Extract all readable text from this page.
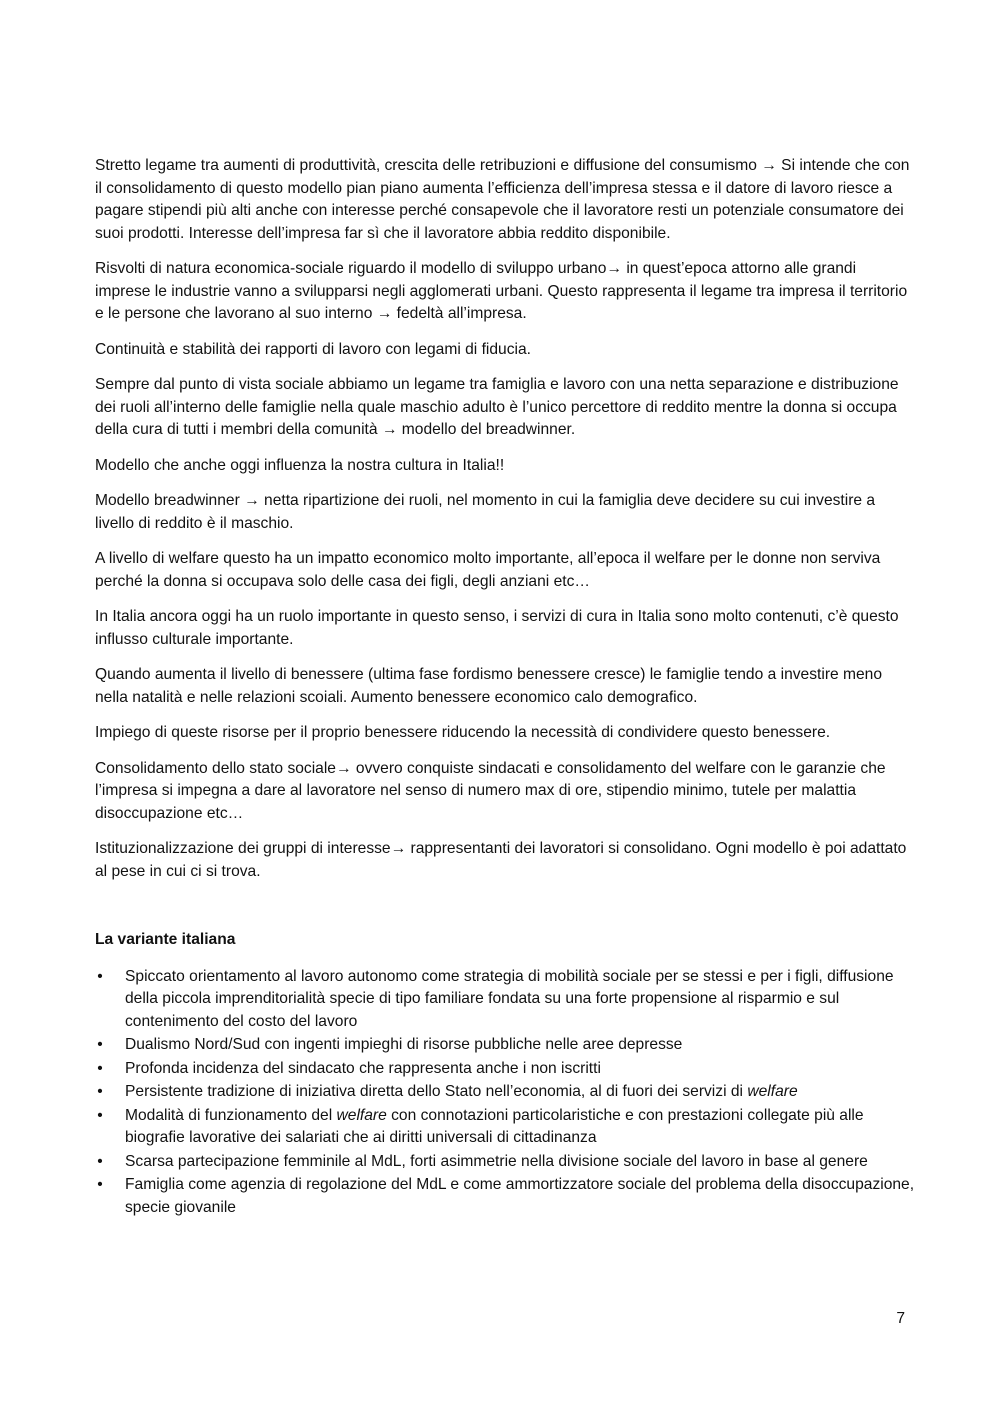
Stretto legame tra aumenti di produttività, crescita delle retribuzioni e diffusione del consumismo → Si intende che con il consolidamento di questo modello pian piano aumenta l’efficienza dell’impresa stessa e il datore di lavoro riesce a pagare stipendi più alti anche con interesse perché consapevole che il lavoratore resti un potenziale consumatore dei suoi prodotti. Interesse dell’impresa far sì che il lavoratore abbia reddito disponibile.

Risvolti di natura economica-sociale riguardo il modello di sviluppo urbano→ in quest’epoca attorno alle grandi imprese le industrie vanno a svilupparsi negli agglomerati urbani. Questo rappresenta il legame tra impresa il territorio e le persone che lavorano al suo interno → fedeltà all’impresa.

Continuità e stabilità dei rapporti di lavoro con legami di fiducia.

Sempre dal punto di vista sociale abbiamo un legame tra famiglia e lavoro con una netta separazione e distribuzione dei ruoli all’interno delle famiglie nella quale maschio adulto è l’unico percettore di reddito mentre la donna si occupa della cura di tutti i membri della comunità → modello del breadwinner.

Modello che anche oggi influenza la nostra cultura in Italia!!

Modello breadwinner → netta ripartizione dei ruoli, nel momento in cui la famiglia deve decidere su cui investire a livello di reddito è il maschio.

A livello di welfare questo ha un impatto economico molto importante, all’epoca il welfare per le donne non serviva perché la donna si occupava solo delle casa dei figli, degli anziani etc…

In Italia ancora oggi ha un ruolo importante in questo senso, i servizi di cura in Italia sono molto contenuti, c’è questo influsso culturale importante.

Quando aumenta il livello di benessere (ultima fase fordismo benessere cresce) le famiglie tendo a investire meno nella natalità e nelle relazioni scoiali. Aumento benessere economico calo demografico.

Impiego di queste risorse per il proprio benessere riducendo la necessità di condividere questo benessere.

Consolidamento dello stato sociale→ ovvero conquiste sindacati e consolidamento del welfare con le garanzie che l’impresa si impegna a dare al lavoratore nel senso di numero max di ore, stipendio minimo, tutele per malattia disoccupazione etc…

Istituzionalizzazione dei gruppi di interesse→ rappresentanti dei lavoratori si consolidano. Ogni modello è poi adattato al pese in cui ci si trova.

La variante italiana
• Spiccato orientamento al lavoro autonomo come strategia di mobilità sociale per se stessi e per i figli, diffusione della piccola imprenditorialità specie di tipo familiare fondata su una forte propensione al risparmio e sul contenimento del costo del lavoro
• Dualismo Nord/Sud con ingenti impieghi di risorse pubbliche nelle aree depresse
• Profonda incidenza del sindacato che rappresenta anche i non iscritti
• Persistente tradizione di iniziativa diretta dello Stato nell’economia, al di fuori dei servizi di welfare
• Modalità di funzionamento del welfare con connotazioni particolaristiche e con prestazioni collegate più alle biografie lavorative dei salariati che ai diritti universali di cittadinanza
• Scarsa partecipazione femminile al MdL, forti asimmetrie nella divisione sociale del lavoro in base al genere
• Famiglia come agenzia di regolazione del MdL e come ammortizzatore sociale del problema della disoccupazione, specie giovanile
7
